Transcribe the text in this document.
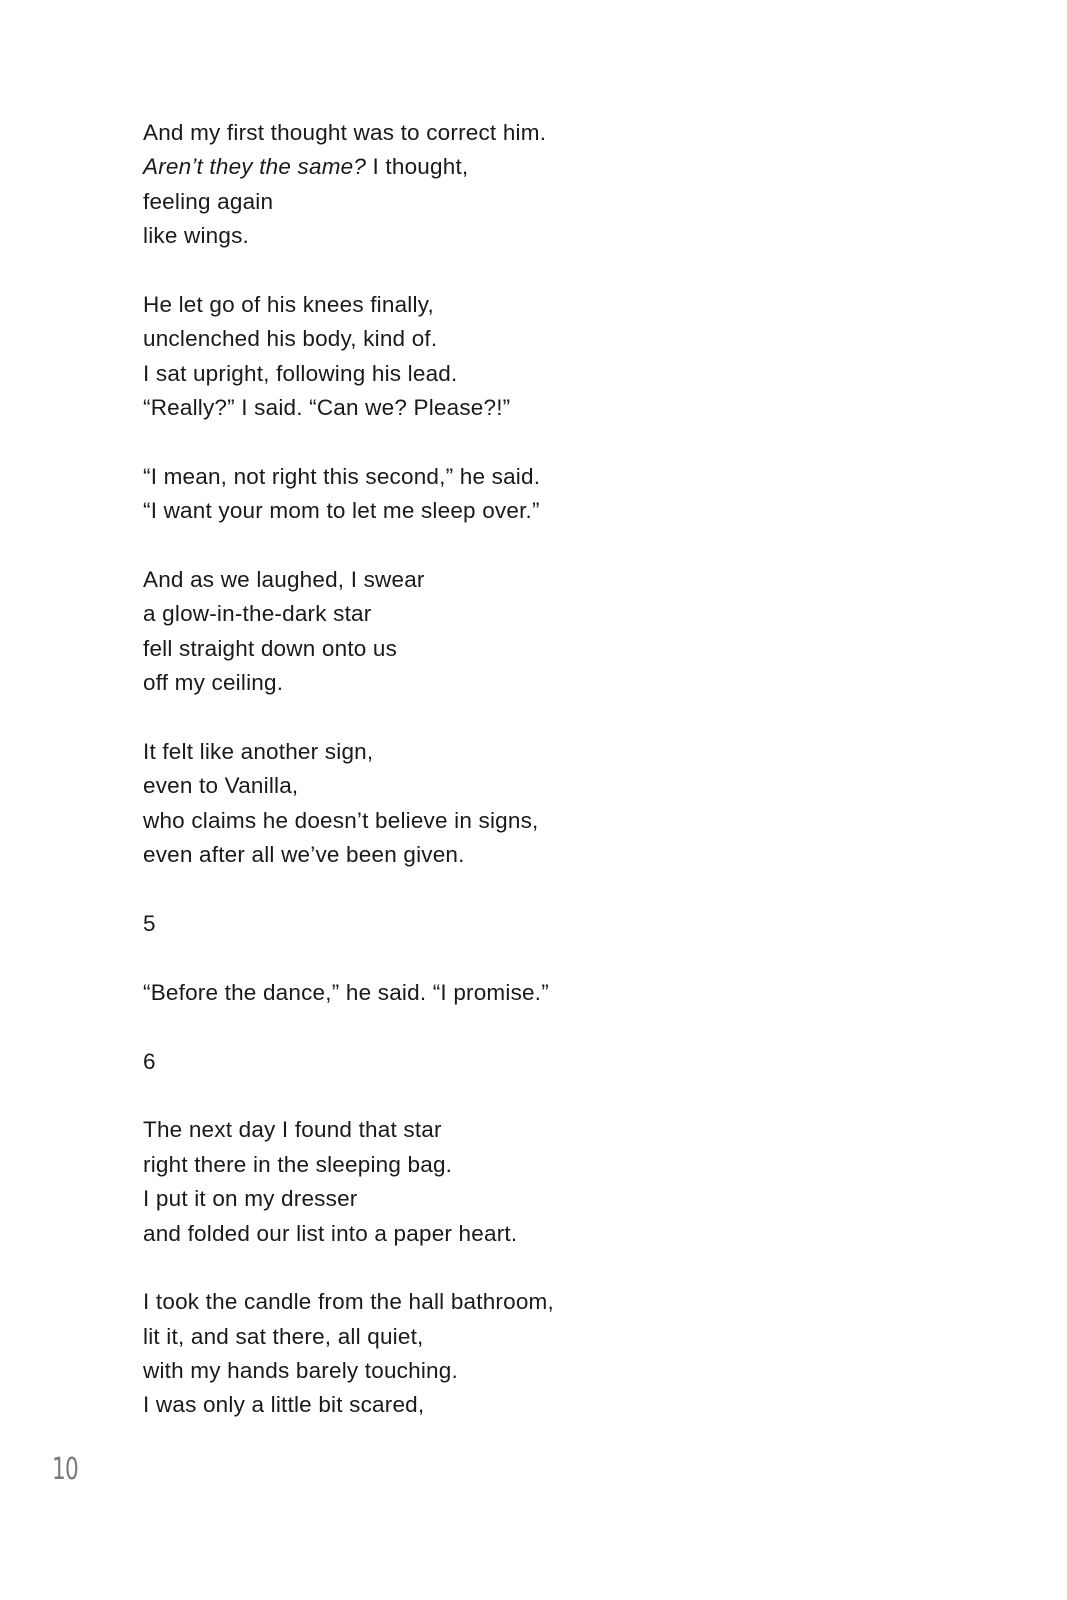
And my first thought was to correct him.
Aren’t they the same? I thought,
feeling again
like wings.
He let go of his knees finally,
unclenched his body, kind of.
I sat upright, following his lead.
“Really?” I said. “Can we? Please?!”
“I mean, not right this second,” he said.
“I want your mom to let me sleep over.”
And as we laughed, I swear
a glow-in-the-dark star
fell straight down onto us
off my ceiling.
It felt like another sign,
even to Vanilla,
who claims he doesn’t believe in signs,
even after all we’ve been given.
5
“Before the dance,” he said. “I promise.”
6
The next day I found that star
right there in the sleeping bag.
I put it on my dresser
and folded our list into a paper heart.
I took the candle from the hall bathroom,
lit it, and sat there, all quiet,
with my hands barely touching.
I was only a little bit scared,
10
